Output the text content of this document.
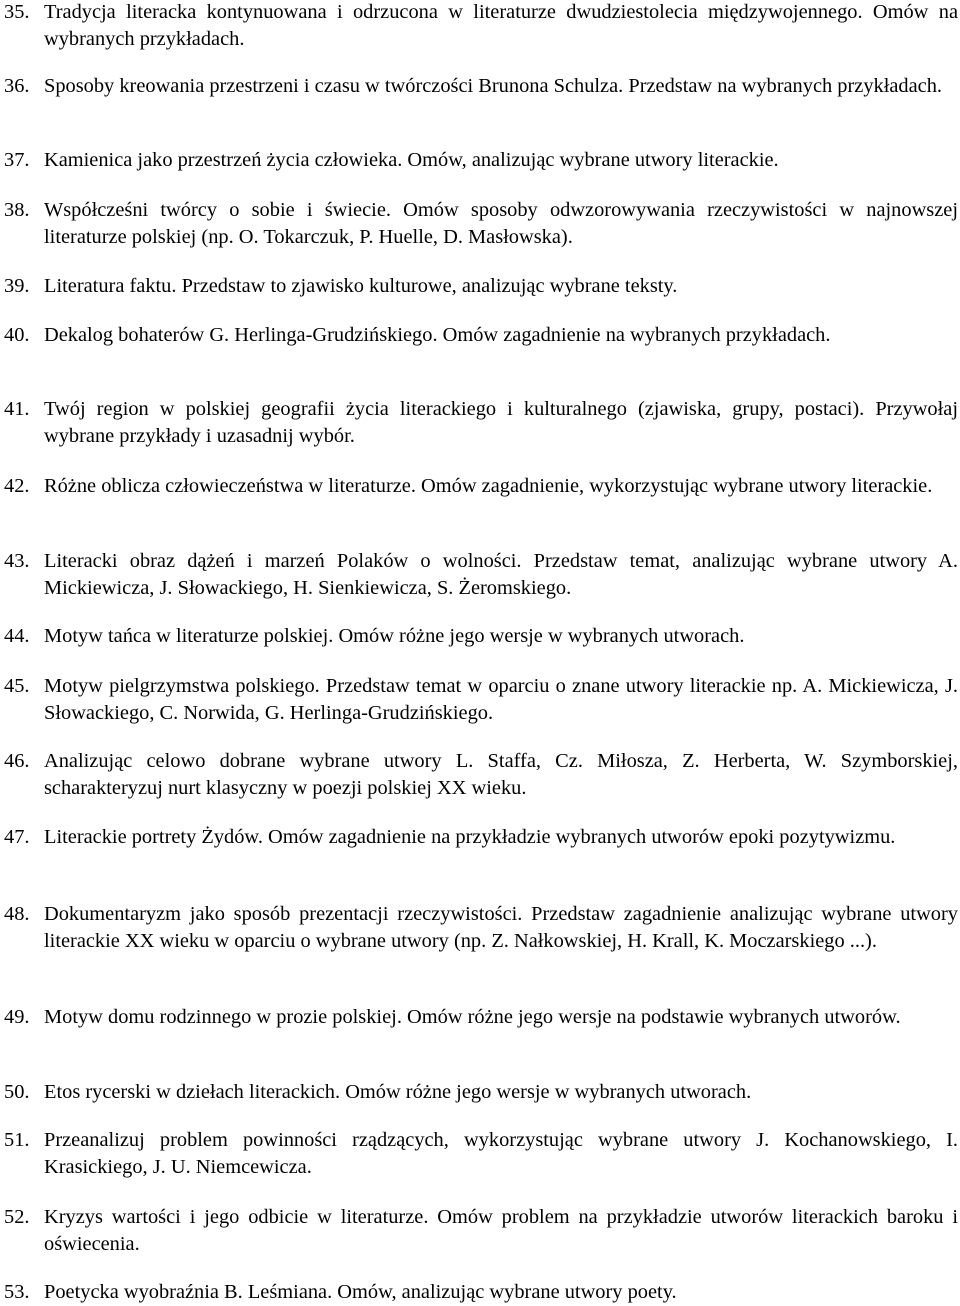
35. Tradycja literacka kontynuowana i odrzucona w literaturze dwudziestolecia międzywojennego. Omów na wybranych przykładach.
36. Sposoby kreowania przestrzeni i czasu w twórczości Brunona Schulza. Przedstaw na wybranych przykładach.
37. Kamienica jako przestrzeń życia człowieka. Omów, analizując wybrane utwory literackie.
38. Współcześni twórcy o sobie i świecie. Omów sposoby odwzorowywania rzeczywistości w najnowszej literaturze polskiej (np. O. Tokarczuk, P. Huelle, D. Masłowska).
39. Literatura faktu. Przedstaw to zjawisko kulturowe, analizując wybrane teksty.
40. Dekalog bohaterów G. Herlinga-Grudzińskiego. Omów zagadnienie na wybranych przykładach.
41. Twój region w polskiej geografii życia literackiego i kulturalnego (zjawiska, grupy, postaci). Przywołaj wybrane przykłady i uzasadnij wybór.
42. Różne oblicza człowieczeństwa w literaturze. Omów zagadnienie, wykorzystując wybrane utwory literackie.
43. Literacki obraz dążeń i marzeń Polaków o wolności. Przedstaw temat, analizując wybrane utwory A. Mickiewicza, J. Słowackiego, H. Sienkiewicza, S. Żeromskiego.
44. Motyw tańca w literaturze polskiej. Omów różne jego wersje w wybranych utworach.
45. Motyw pielgrzymstwa polskiego. Przedstaw temat w oparciu o znane utwory literackie np. A. Mickiewicza, J. Słowackiego, C. Norwida, G. Herlinga-Grudzińskiego.
46. Analizując celowo dobrane wybrane utwory L. Staffa, Cz. Miłosza, Z. Herberta, W. Szymborskiej, scharakteryzuj nurt klasyczny w poezji polskiej XX wieku.
47. Literackie portrety Żydów. Omów zagadnienie na przykładzie wybranych utworów epoki pozytywizmu.
48. Dokumentaryzm jako sposób prezentacji rzeczywistości. Przedstaw zagadnienie analizując wybrane utwory literackie XX wieku w oparciu o wybrane utwory (np. Z. Nałkowskiej, H. Krall, K. Moczarskiego ...).
49. Motyw domu rodzinnego w prozie polskiej. Omów różne jego wersje na podstawie wybranych utworów.
50. Etos rycerski w dziełach literackich. Omów różne jego wersje w wybranych utworach.
51. Przeanalizuj problem powinności rządzących, wykorzystując wybrane utwory J. Kochanowskiego, I. Krasickiego, J. U. Niemcewicza.
52. Kryzys wartości i jego odbicie w literaturze. Omów problem na przykładzie utworów literackich baroku i oświecenia.
53. Poetycka wyobraźnia B. Leśmiana. Omów, analizując wybrane utwory poety.
